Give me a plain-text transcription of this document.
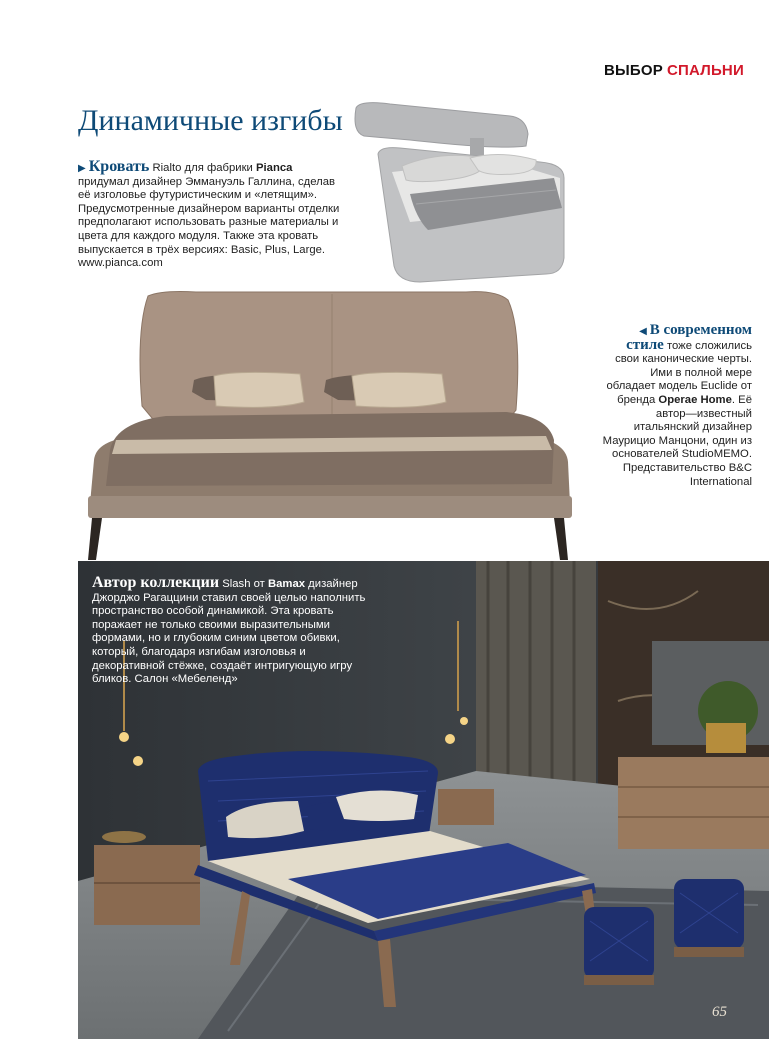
ВЫБОР СПАЛЬНИ
Динамичные изгибы
▶ Кровать Rialto для фабрики Pianca придумал дизайнер Эммануэль Галлина, сделав её изголовье футуристическим и «летящим». Предусмотренные дизайнером варианты отделки предполагают использовать разные материалы и цвета для каждого модуля. Также эта кровать выпускается в трёх версиях: Basic, Plus, Large. www.pianca.com
◀ В современном стиле тоже сложились свои канонические черты. Ими в полной мере обладает модель Euclide от бренда Operae Home. Её автор—известный итальянский дизайнер Маурицио Манцони, один из основателей StudioMEMO. Представительство B&C International
Автор коллекции Slash от Bamax дизайнер Джорджо Рагаццини ставил своей целью наполнить пространство особой динамикой. Эта кровать поражает не только своими выразительными формами, но и глубоким синим цветом обивки, который, благодаря изгибам изголовья и декоративной стёжке, создаёт интригующую игру бликов. Салон «Мебеленд»
65
